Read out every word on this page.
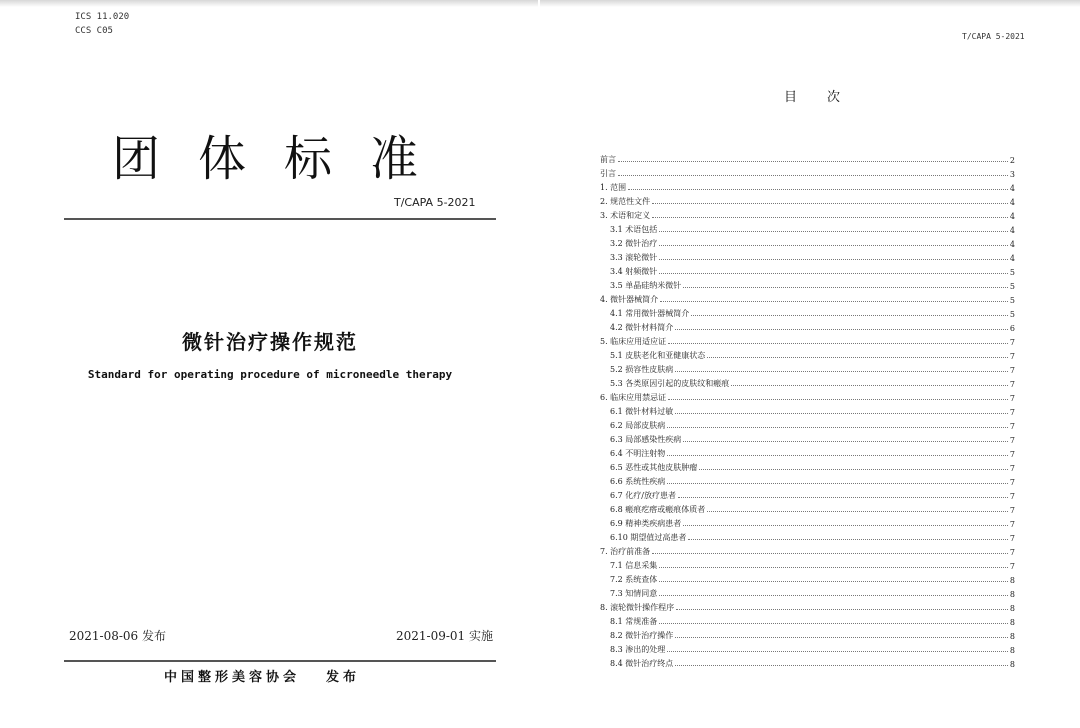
ICS 11.020
CCS C05
团体标准
T/CAPA 5-2021
微针治疗操作规范
Standard for operating procedure of microneedle therapy
2021-08-06 发布	2021-09-01 实施
中国整形美容协会 发布
T/CAPA 5-2021
目次
前言	2
引言	3
1. 范围	4
2. 规范性文件	4
3. 术语和定义	4
3.1 术语包括	4
3.2 微针治疗	4
3.3 滚轮微针	4
3.4 射频微针	5
3.5 单晶硅纳米微针	5
4. 微针器械简介	5
4.1 常用微针器械简介	5
4.2 微针材料简介	6
5. 临床应用适应证	7
5.1 皮肤老化和亚健康状态	7
5.2 损容性皮肤病	7
5.3 各类原因引起的皮肤纹和瘢痕	7
6. 临床应用禁忌证	7
6.1 微针材料过敏	7
6.2 局部皮肤病	7
6.3 局部感染性疾病	7
6.4 不明注射物	7
6.5 恶性或其他皮肤肿瘤	7
6.6 系统性疾病	7
6.7 化疗/放疗患者	7
6.8 瘢痕疙瘩或瘢痕体质者	7
6.9 精神类疾病患者	7
6.10 期望值过高患者	7
7. 治疗前准备	7
7.1 信息采集	7
7.2 系统查体	8
7.3 知情同意	8
8. 滚轮微针操作程序	8
8.1 常规准备	8
8.2 微针治疗操作	8
8.3 渗出的处理	8
8.4 微针治疗终点	8
